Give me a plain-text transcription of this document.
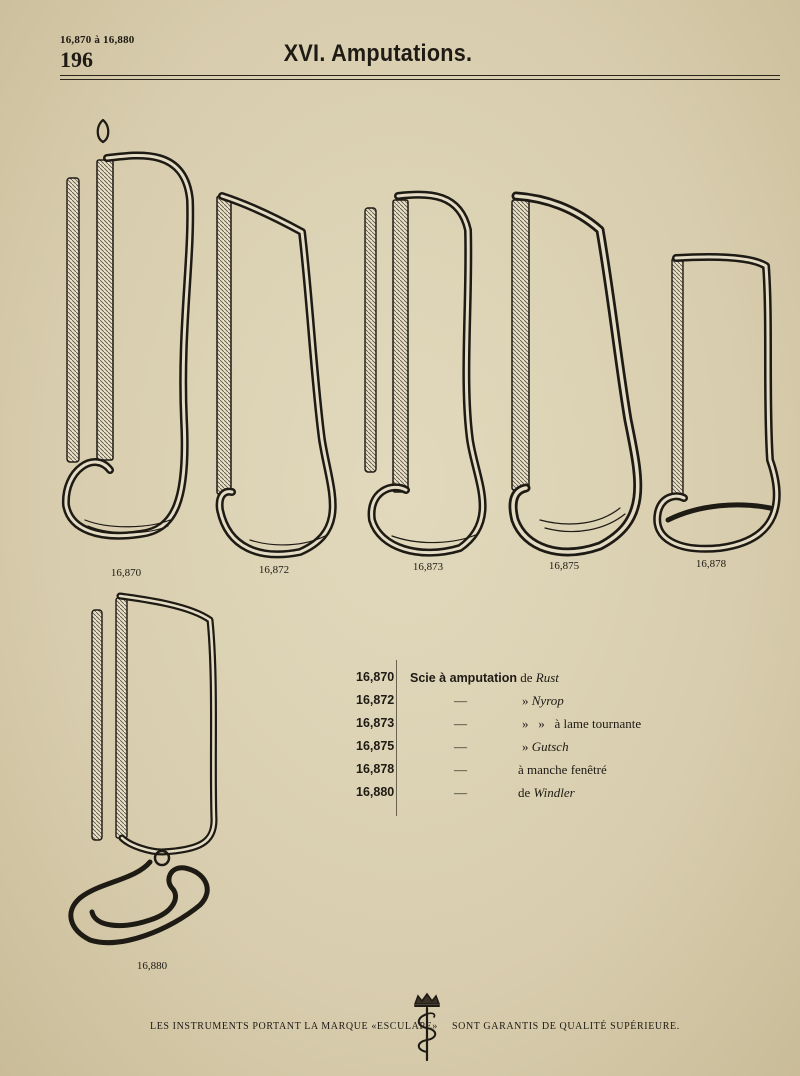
16,870 à 16,880
196	XVI. Amputations.
16,870	16,872	16,873	16,875	16,878
16,880
16,870 Scie à amputation de Rust
16,872	—	» Nyrop
16,873	—	»   »   à lame tournante
16,875	—	» Gutsch
16,878	—	à manche fenêtré
16,880	—	de Windler
LES INSTRUMENTS PORTANT LA MARQUE «ESCULAPE» SONT GARANTIS DE QUALITÉ SUPÉRIEURE.
